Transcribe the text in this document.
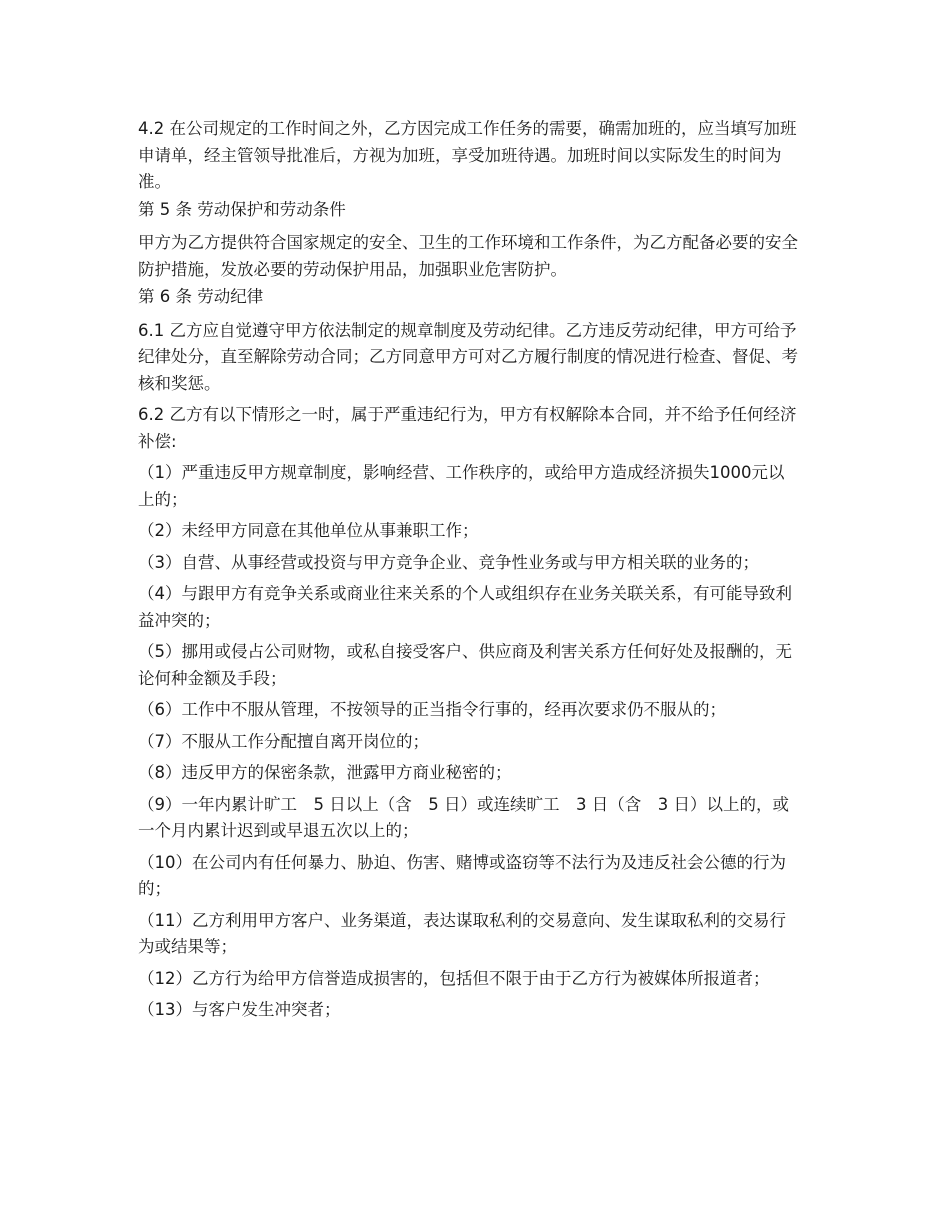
4.2 在公司规定的工作时间之外，乙方因完成工作任务的需要，确需加班的，应当填写加班申请单，经主管领导批准后，方视为加班，享受加班待遇。加班时间以实际发生的时间为准。

第 5 条 劳动保护和劳动条件

甲方为乙方提供符合国家规定的安全、卫生的工作环境和工作条件，为乙方配备必要的安全防护措施，发放必要的劳动保护用品，加强职业危害防护。

第 6 条 劳动纪律

6.1 乙方应自觉遵守甲方依法制定的规章制度及劳动纪律。乙方违反劳动纪律，甲方可给予纪律处分，直至解除劳动合同；乙方同意甲方可对乙方履行制度的情况进行检查、督促、考核和奖惩。

6.2 乙方有以下情形之一时，属于严重违纪行为，甲方有权解除本合同，并不给予任何经济补偿:

（1）严重违反甲方规章制度，影响经营、工作秩序的，或给甲方造成经济损失1000元以上的；

（2）未经甲方同意在其他单位从事兼职工作；

（3）自营、从事经营或投资与甲方竞争企业、竞争性业务或与甲方相关联的业务的；

（4）与跟甲方有竞争关系或商业往来关系的个人或组织存在业务关联关系，有可能导致利益冲突的；

（5）挪用或侵占公司财物，或私自接受客户、供应商及利害关系方任何好处及报酬的，无论何种金额及手段；

（6）工作中不服从管理，不按领导的正当指令行事的，经再次要求仍不服从的；

（7）不服从工作分配擅自离开岗位的；

（8）违反甲方的保密条款，泄露甲方商业秘密的；

（9）一年内累计旷工　5 日以上（含　5 日）或连续旷工　3 日（含　3 日）以上的，或一个月内累计迟到或早退五次以上的；

（10）在公司内有任何暴力、胁迫、伤害、赌博或盗窃等不法行为及违反社会公德的行为的；

（11）乙方利用甲方客户、业务渠道，表达谋取私利的交易意向、发生谋取私利的交易行为或结果等；

（12）乙方行为给甲方信誉造成损害的，包括但不限于由于乙方行为被媒体所报道者；

（13）与客户发生冲突者；
